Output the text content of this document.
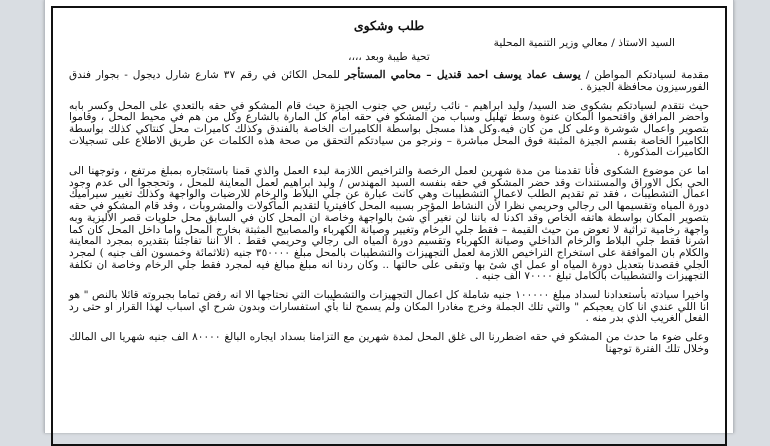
طلب وشكوى

السيد الاستاذ / معالي وزير التنمية المحلية

تحية طيبة وبعد ،،،،

مقدمة لسيادتكم المواطن / يوسف عماد يوسف احمد قنديل – محامي المستأجر للمحل الكائن في رقم ٣٧ شارع شارل ديجول - بجوار فندق الفورسيزون محافظة الجيزة .

حيث نتقدم لسيادتكم بشكوى ضد السيد/ وليد ابراهيم - نائب رئيس حي جنوب الجيزة حيث قام المشكو في حقه بالتعدي على المحل وكسر بابه واحضر المرافق واقتحموا المكان عنوة وسط تهليل وسباب من المشكو في حقه امام كل المارة بالشارع وكل من هم في محيط المحل ، وقاموا بتصوير واعمال شوشرة وعلى كل من كان فيه.وكل هذا مسجل بواسطة الكاميرات الخاصة بالفندق وكذلك كاميرات محل كنتاكي كذلك بواسطة الكاميرا الخاصة بقسم الجيزة المثبتة فوق المحل مباشرة – ونرجو من سيادتكم التحقق من صحة هذه الكلمات عن طريق الاطلاع على تسجيلات الكاميرات المذكورة .

اما عن موضوع الشكوى فأنا تقدمنا من مدة شهرين لعمل الرخصة والتراخيص اللازمة لبدء العمل والذي قمنا باستئجاره بمبلغ مرتفع ، وتوجهنا الى الحي بكل الاوراق والمستندات وقد حضر المشكو في حقه بنفسه السيد المهندس / وليد ابراهيم لعمل المعاينة للمحل ، وتحججوا الى عدم وجود اعمال التشطيبات ، فقد تم تقديم الطلب لاعمال التشطيبات وهي كانت عبارة عن جلي البلاط والرخام للارضيات والواجهة وكذلك تغيير سيراميك دورة المياه وتقسيمها الى رجالي وحريمي نظرا لأن النشاط المؤجر بسببه المحل كافيتريا لتقديم المأكولات والمشروبات ، وقد قام المشكو في حقه بتصوير المكان بواسطة هاتفه الخاص وقد اكدنا له باننا لن نغير أي شئ بالواجهة وخاصة ان المحل كان في السابق محل حلويات قصر الأليزية وبه واجهة رخامية تراثية لا تعوض من حيث القيمة – فقط جلي الرخام وتغيير وصيانة الكهرباء والمصابيح المثبتة بخارج المحل واما داخل المحل كان كما اشرنا فقط جلي البلاط والرخام الداخلي وصيانة الكهرباء وتقسيم دورة المياه الى رجالي وحريمي فقط . الا اننا تفاجئنا بتقديره بمجرد المعاينة والكلام بان الموافقة على استخراج التراخيص اللازمة لعمل التجهيزات والتشطيبات بالمحل مبلغ ٣٥٠٠٠٠ جنيه (ثلاثمائة وخمسون الف جنيه ) لمجرد الجلي فقصدنا بتعديل دورة المياه او عمل اي شئ بها وتبقى على حالتها .. وكان ردنا انه مبلغ مبالغ فيه لمجرد فقط جلي الرخام وخاصة ان تكلفة التجهيزات والتشطيبات بالكامل تبلغ ٧٠٠٠٠ الف جنيه .

واخيرا سيادته بأستعدادنا لسداد مبلغ ١٠٠٠٠٠ جنيه شاملة كل اعمال التجهيزات والتشطيبات التي نحتاجها الا انه رفض تماما بجبروته قائلا بالنص " هو انا اللي عندي انا كان يعجبكم " والتي تلك الجملة وخرج مغادرا المكان ولم يسمح لنا بأي استفسارات وبدون شرح اي اسباب لهذا القرار او حتى رد الفعل الغريب الذي بدر منه .

وعلى ضوء ما حدث من المشكو في حقه اضطررنا الى غلق المحل لمدة شهرين مع التزامنا بسداد ايجاره البالغ ٨٠٠٠٠ الف جنيه شهريا الى المالك وخلال تلك الفترة توجهنا
